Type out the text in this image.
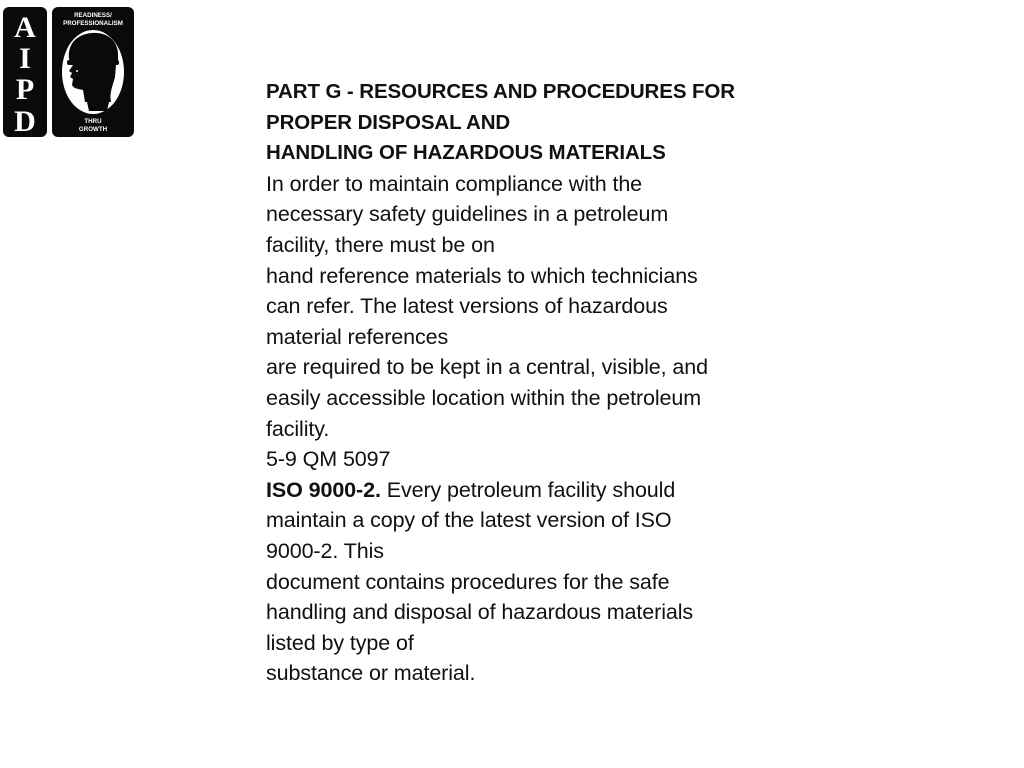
A
I
P
D
READINESS/
PROFESSIONALISM
THRU
GROWTH
PART G - RESOURCES AND PROCEDURES FOR
PROPER DISPOSAL AND
HANDLING OF HAZARDOUS MATERIALS
In order to maintain compliance with the
necessary safety guidelines in a petroleum
facility, there must be on
hand reference materials to which technicians
can refer. The latest versions of hazardous
material references
are required to be kept in a central, visible, and
easily accessible location within the petroleum
facility.
5-9 QM 5097
ISO 9000-2. Every petroleum facility should
maintain a copy of the latest version of ISO
9000-2. This
document contains procedures for the safe
handling and disposal of hazardous materials
listed by type of
substance or material.
